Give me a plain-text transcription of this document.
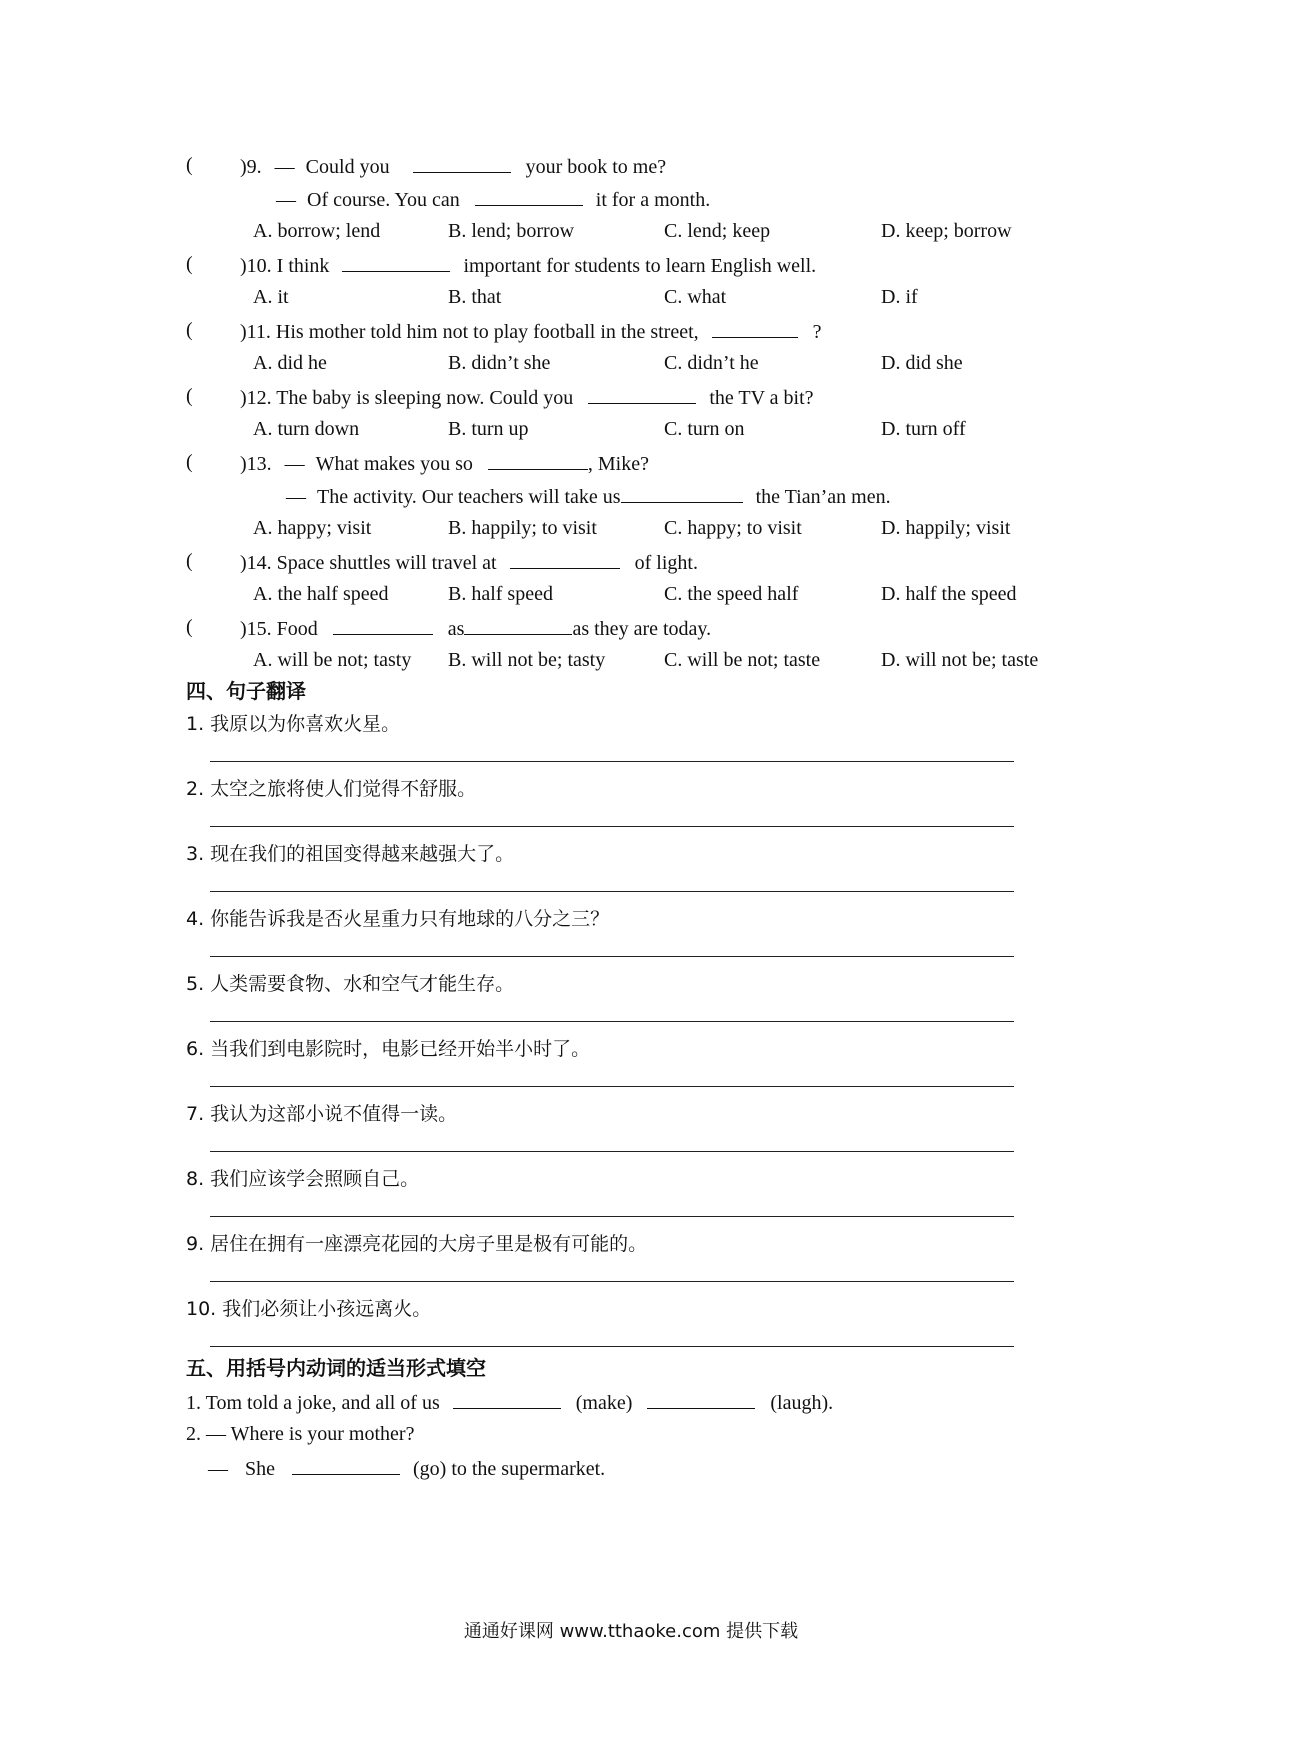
( )9. — Could you	your book to me?
— Of course. You can	it for a month.
A. borrow; lend	B. lend; borrow	C. lend; keep	D. keep; borrow
( )10. I think	important for students to learn English well.
A. it	B. that	C. what	D. if
( )11. His mother told him not to play football in the street,	?
A. did he	B. didn’t she	C. didn’t he	D. did she
( )12. The baby is sleeping now. Could you	the TV a bit?
A. turn down	B. turn up	C. turn on	D. turn off
( )13. — What makes you so	, Mike?
— The activity. Our teachers will take us	the Tian’an men.
A. happy; visit	B. happily; to visit	C. happy; to visit	D. happily; visit
( )14. Space shuttles will travel at	of light.
A. the half speed	B. half speed	C. the speed half	D. half the speed
( )15. Food	as	as they are today.
A. will be not; tasty B. will not be; tasty	C. will be not; taste	D. will not be; taste
四、句子翻译
1. 我原以为你喜欢火星。
2. 太空之旅将使人们觉得不舒服。
3. 现在我们的祖国变得越来越强大了。
4. 你能告诉我是否火星重力只有地球的八分之三？
5. 人类需要食物、水和空气才能生存。
6. 当我们到电影院时，电影已经开始半小时了。
7. 我认为这部小说不值得一读。
8. 我们应该学会照顾自己。
9. 居住在拥有一座漂亮花园的大房子里是极有可能的。
10. 我们必须让小孩远离火。
五、用括号内动词的适当形式填空
1. Tom told a joke, and all of us	(make)	(laugh).
2. — Where is your mother?
— She	(go) to the supermarket.
通通好课网 www.tthaoke.com 提供下载
